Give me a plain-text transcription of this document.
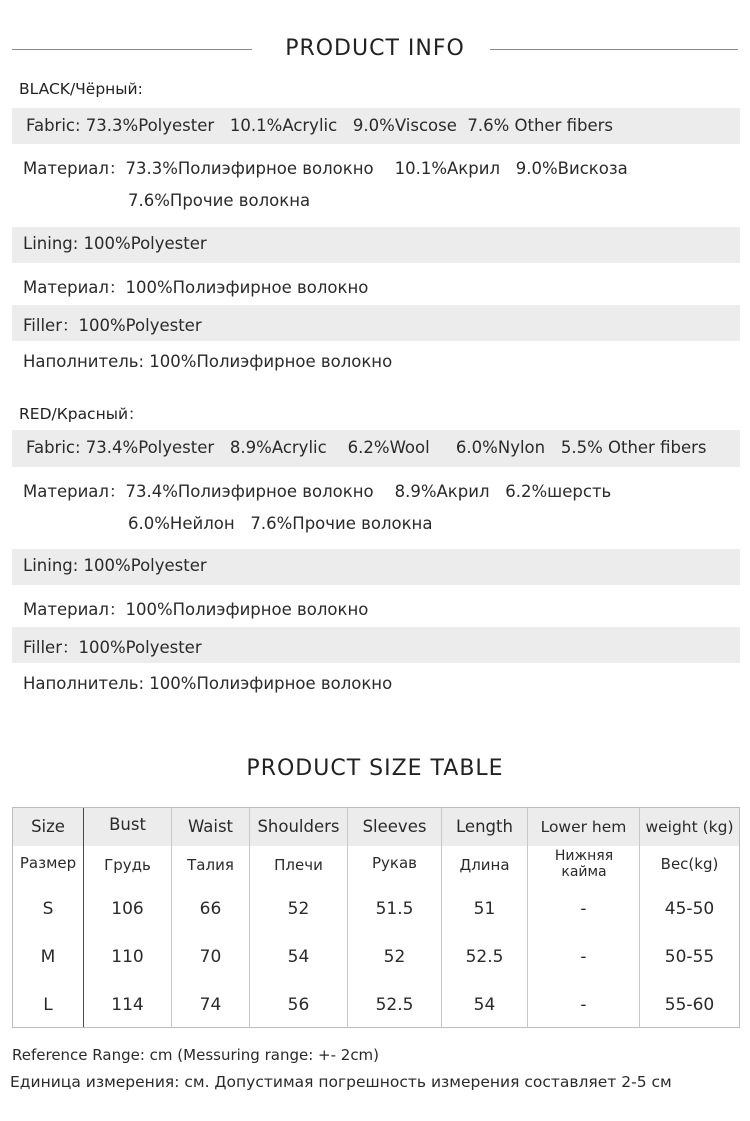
PRODUCT INFO
BLACK/Чёрный:
Fabric: 73.3%Polyester   10.1%Acrylic   9.0%Viscose  7.6% Other fibers
Материал：73.3%Полиэфирное волокно    10.1%Акрил   9.0%Вискоза
7.6%Прочие волокна
Lining: 100%Polyester
Материал：100%Полиэфирное волокно
Filler：100%Polyester
Наполнитель: 100%Полиэфирное волокно
RED/Красный：
Fabric: 73.4%Polyester   8.9%Acrylic    6.2%Wool     6.0%Nylon   5.5% Other fibers
Материал：73.4%Полиэфирное волокно    8.9%Акрил   6.2%шерсть
6.0%Нейлон   7.6%Прочие волокна
Lining: 100%Polyester
Материал：100%Полиэфирное волокно
Filler：100%Polyester
Наполнитель: 100%Полиэфирное волокно
PRODUCT SIZE TABLE
Size	Bust	Waist	Shoulders	Sleeves	Length	Lower hem	weight (kg)
Размер	Грудь	Талия	Плечи	Рукав	Длина	Нижняя кайма	Вес(kg)
S	106	66	52	51.5	51	-	45-50
M	110	70	54	52	52.5	-	50-55
L	114	74	56	52.5	54	-	55-60
Reference Range: cm (Messuring range: +- 2cm)
Единица измерения: см. Допустимая погрешность измерения составляет 2-5 см
